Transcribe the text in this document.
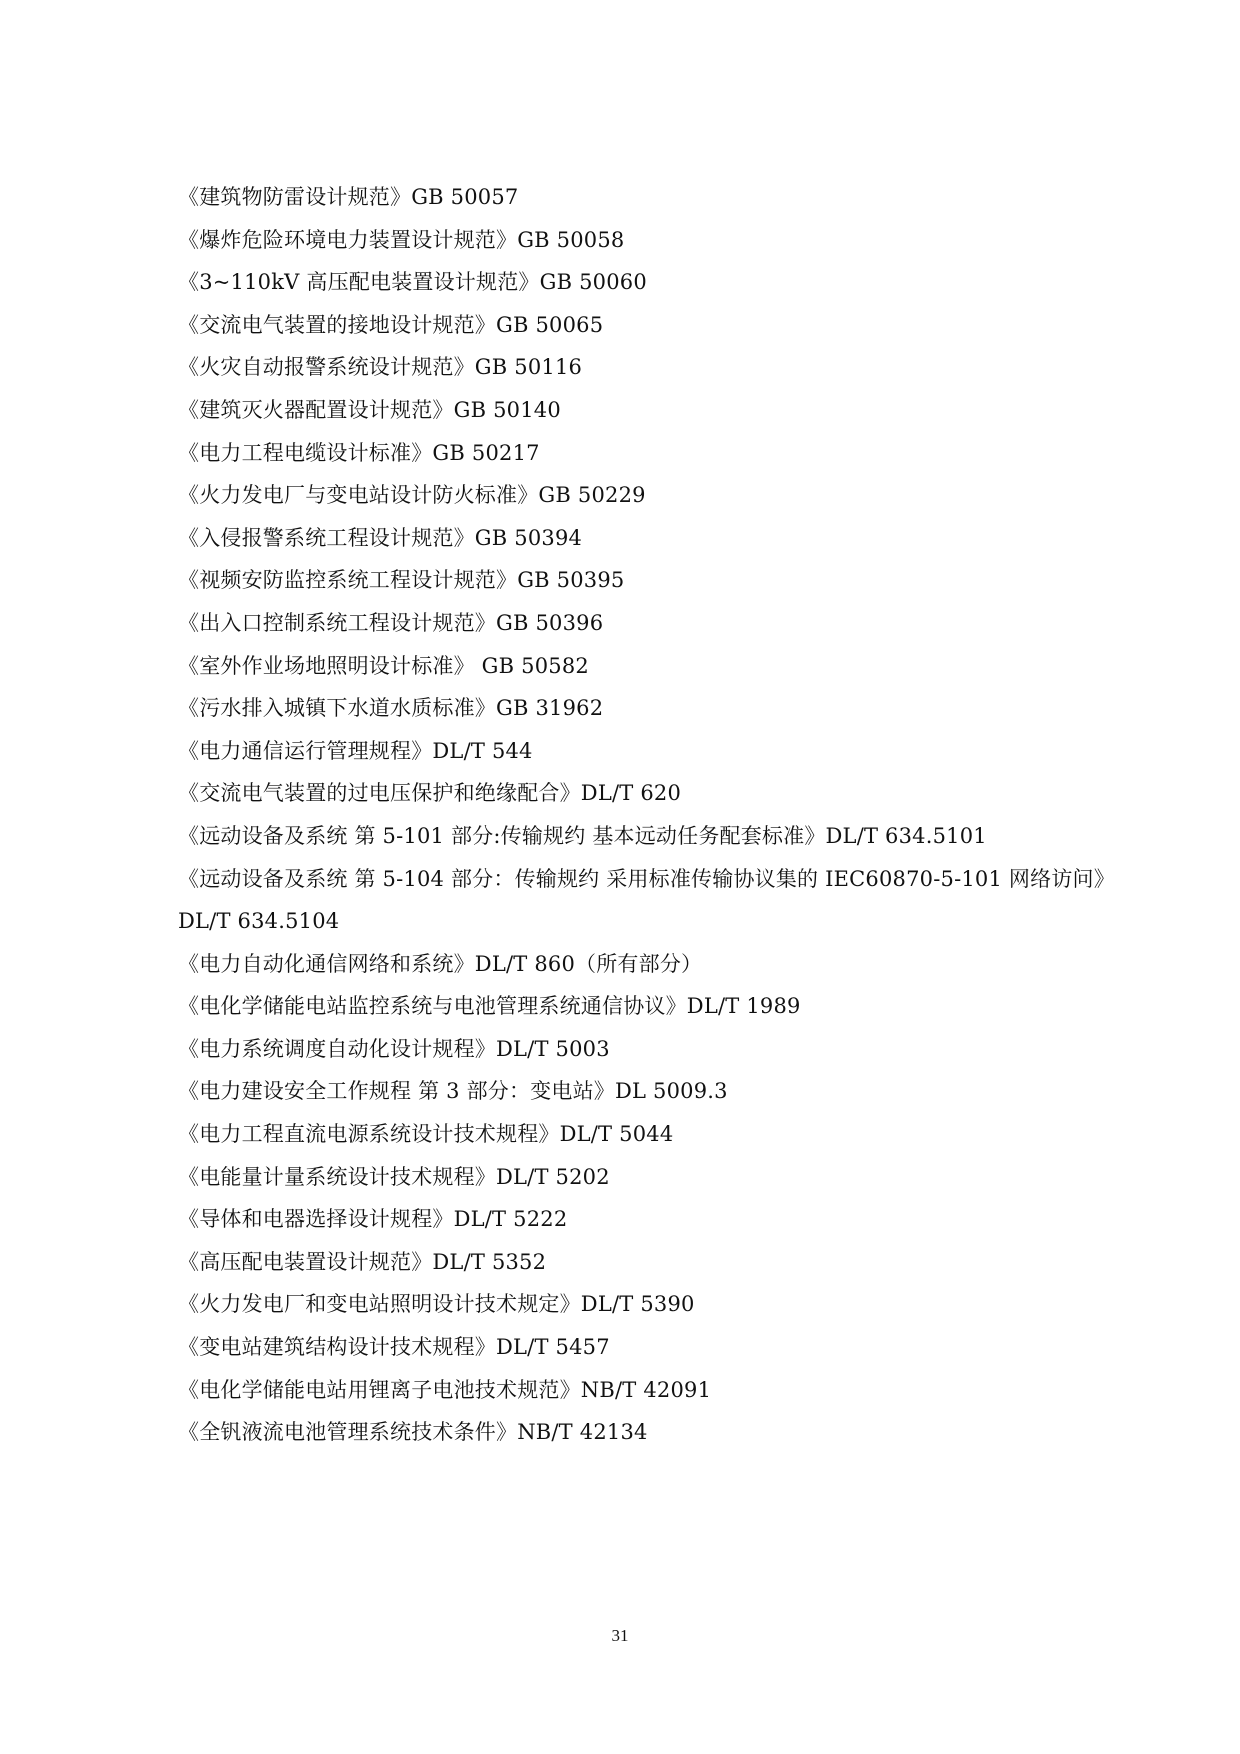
《建筑物防雷设计规范》GB 50057
《爆炸危险环境电力装置设计规范》GB 50058
《3~110kV 高压配电装置设计规范》GB 50060
《交流电气装置的接地设计规范》GB 50065
《火灾自动报警系统设计规范》GB 50116
《建筑灭火器配置设计规范》GB 50140
《电力工程电缆设计标准》GB 50217
《火力发电厂与变电站设计防火标准》GB 50229
《入侵报警系统工程设计规范》GB 50394
《视频安防监控系统工程设计规范》GB 50395
《出入口控制系统工程设计规范》GB 50396
《室外作业场地照明设计标准》 GB 50582
《污水排入城镇下水道水质标准》GB 31962
《电力通信运行管理规程》DL/T 544
《交流电气装置的过电压保护和绝缘配合》DL/T 620
《远动设备及系统 第 5-101 部分:传输规约 基本远动任务配套标准》DL/T 634.5101
《远动设备及系统 第 5-104 部分：传输规约 采用标准传输协议集的 IEC60870-5-101 网络访问》
DL/T 634.5104
《电力自动化通信网络和系统》DL/T 860（所有部分）
《电化学储能电站监控系统与电池管理系统通信协议》DL/T 1989
《电力系统调度自动化设计规程》DL/T 5003
《电力建设安全工作规程 第 3 部分：变电站》DL 5009.3
《电力工程直流电源系统设计技术规程》DL/T 5044
《电能量计量系统设计技术规程》DL/T 5202
《导体和电器选择设计规程》DL/T 5222
《高压配电装置设计规范》DL/T 5352
《火力发电厂和变电站照明设计技术规定》DL/T 5390
《变电站建筑结构设计技术规程》DL/T 5457
《电化学储能电站用锂离子电池技术规范》NB/T 42091
《全钒液流电池管理系统技术条件》NB/T 42134
31
